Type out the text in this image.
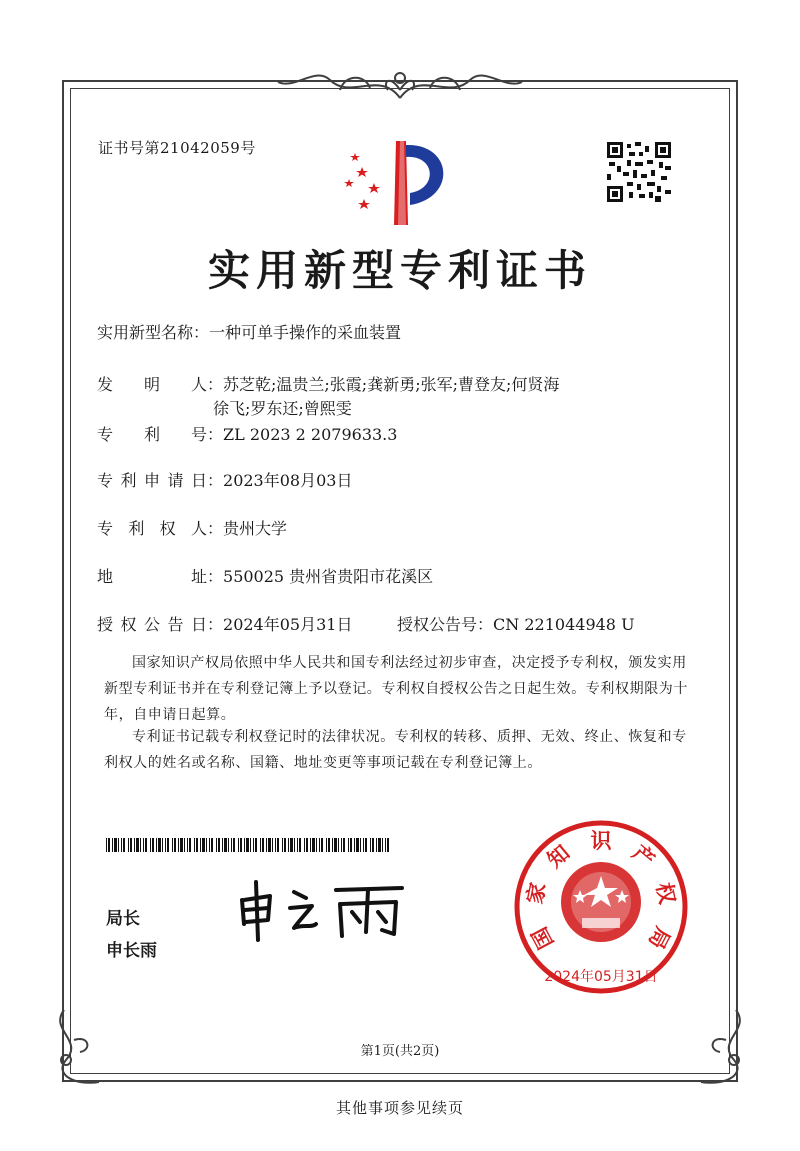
证书号第21042059号
实用新型专利证书
实用新型名称：一种可单手操作的采血装置
发 明 人 ：苏芝乾;温贵兰;张霞;龚新勇;张军;曹登友;何贤海
徐飞;罗东还;曾熙雯
专 利 号 ：ZL 2023 2 2079633.3
专 利 申 请 日 ：2023年08月03日
专 利 权 人 ：贵州大学
地	址 ：550025 贵州省贵阳市花溪区
授 权 公 告 日 ：2024年05月31日	授权公告号：CN 221044948 U
国家知识产权局依照中华人民共和国专利法经过初步审查，决定授予专利权，颁发实用新型专利证书并在专利登记簿上予以登记。专利权自授权公告之日起生效。专利权期限为十年，自申请日起算。
专利证书记载专利权登记时的法律状况。专利权的转移、质押、无效、终止、恢复和专利权人的姓名或名称、国籍、地址变更等事项记载在专利登记簿上。
局长
申长雨
家
知 识 产
权
局
国
2024年05月31日
第1页(共2页)
其他事项参见续页
